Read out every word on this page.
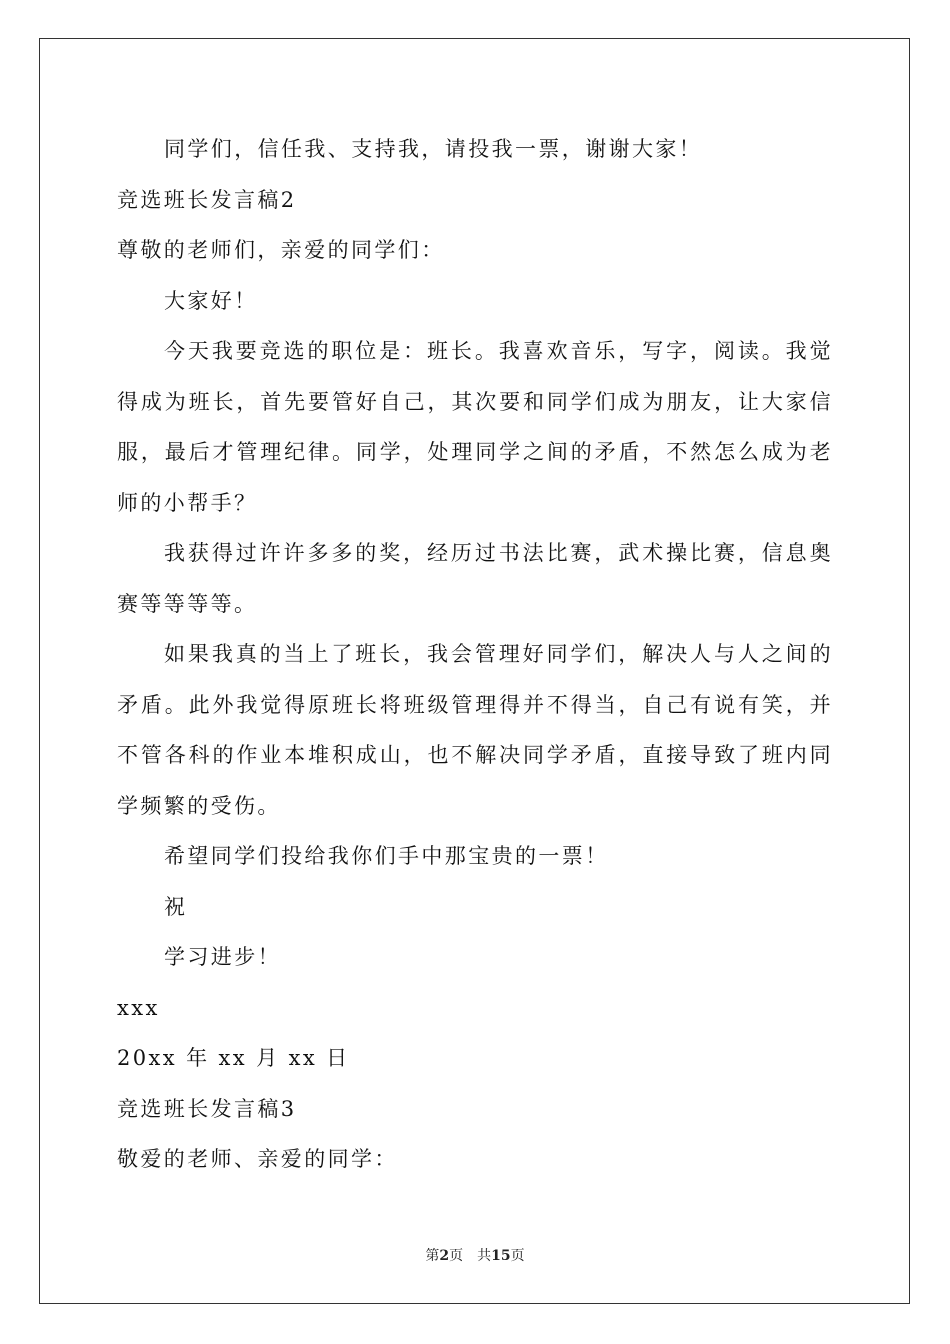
同学们，信任我、支持我，请投我一票，谢谢大家！
竞选班长发言稿2
尊敬的老师们，亲爱的同学们：
大家好！

今天我要竞选的职位是：班长。我喜欢音乐，写字，阅读。我觉得成为班长，首先要管好自己，其次要和同学们成为朋友，让大家信服，最后才管理纪律。同学，处理同学之间的矛盾，不然怎么成为老师的小帮手？

我获得过许许多多的奖，经历过书法比赛，武术操比赛，信息奥赛等等等等。

如果我真的当上了班长，我会管理好同学们，解决人与人之间的矛盾。此外我觉得原班长将班级管理得并不得当，自己有说有笑，并不管各科的作业本堆积成山，也不解决同学矛盾，直接导致了班内同学频繁的受伤。

希望同学们投给我你们手中那宝贵的一票！

祝
学习进步！
xxx
20xx 年 xx 月 xx 日
竞选班长发言稿3
敬爱的老师、亲爱的同学：
第2页 共15页
